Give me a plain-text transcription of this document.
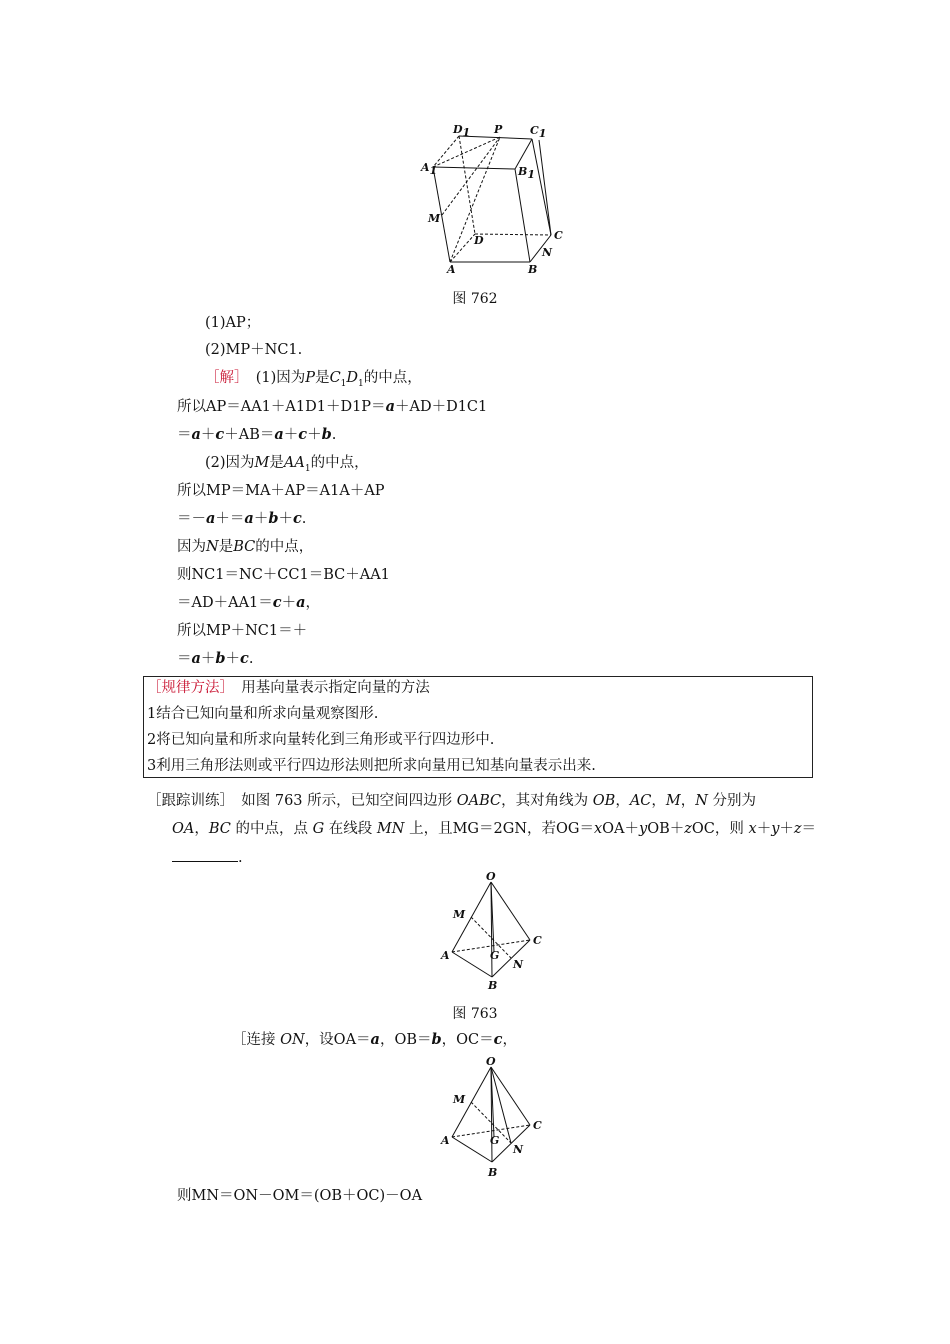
D1 P	C1
A1	B1
M
D	C
A	B
N
图 762
(1)AP；
(2)MP＋NC1.
［解］　(1)因为P是$C_1D_1$的中点，
所以AP＝AA1＋A1D1＋D1P＝a＋AD＋D1C1
＝a＋c＋AB＝a＋c＋b.
(2)因为M是$AA_1$的中点，
所以MP＝MA＋AP＝A1A＋AP
＝－a＋＝a＋b＋c.
因为N是BC的中点，
则NC1＝NC＋CC1＝BC＋AA1
＝AD＋AA1＝c＋a，
所以MP＋NC1＝＋
＝a＋b＋c.
［规律方法］　用基向量表示指定向量的方法
1结合已知向量和所求向量观察图形.
2将已知向量和所求向量转化到三角形或平行四边形中.
3利用三角形法则或平行四边形法则把所求向量用已知基向量表示出来.
［跟踪训练］　如图 763 所示，已知空间四边形 OABC，其对角线为 OB，AC，M，N 分别为
OA，BC 的中点，点 G 在线段 MN 上，且MG＝2GN，若OG＝xOA＋yOB＋zOC，则 x＋y＋z＝
.
O
M
A
C
G
N
B
图 763
［连接 ON，设OA＝a，OB＝b，OC＝c，
O
M
A
C
G
N
B
则MN＝ON－OM＝(OB＋OC)－OA
